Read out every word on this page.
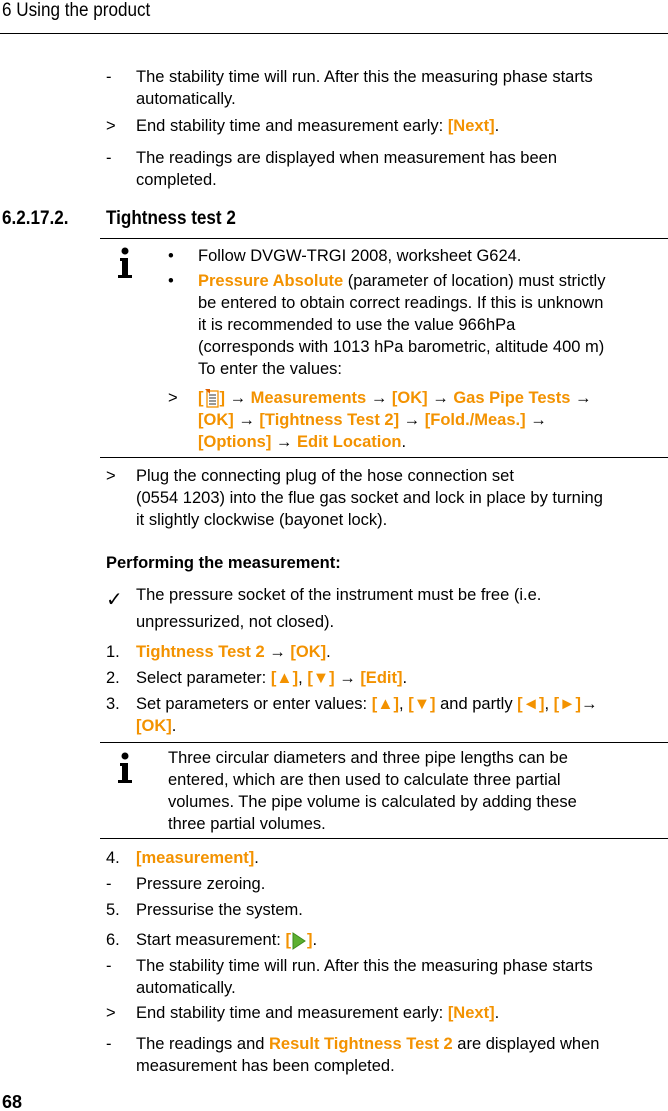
6 Using the product
6.2.17.2. Tightness test 2
-	The stability time will run. After this the measuring phase starts
automatically.
>	End stability time and measurement early: [Next].
-	The readings are displayed when measurement has been
completed.
•	Follow DVGW-TRGI 2008, worksheet G624.
•	Pressure Absolute (parameter of location) must strictly
be entered to obtain correct readings. If this is unknown
it is recommended to use the value 966hPa
(corresponds with 1013 hPa barometric, altitude 400 m)
To enter the values:
>	[ ] → Measurements → [OK] → Gas Pipe Tests →
[OK] → [Tightness Test 2] → [Fold./Meas.] →
[Options] → Edit Location.
>	Plug the connecting plug of the hose connection set
(0554 1203) into the flue gas socket and lock in place by turning
it slightly clockwise (bayonet lock).
Performing the measurement:
✓ The pressure socket of the instrument must be free (i.e.

unpressurized, not closed).
1. Tightness Test 2 → [OK].
2. Select parameter: [▲], [▼] → [Edit].
3. Set parameters or enter values: [▲], [▼] and partly [◄], [►]→
[OK].
Three circular diameters and three pipe lengths can be
entered, which are then used to calculate three partial
volumes. The pipe volume is calculated by adding these
three partial volumes.
4. [measurement].
-	Pressure zeroing.
5. Pressurise the system.
6. Start measurement: [ ].
-	The stability time will run. After this the measuring phase starts
automatically.
>	End stability time and measurement early: [Next].
-	The readings and Result Tightness Test 2 are displayed when
measurement has been completed.
68
